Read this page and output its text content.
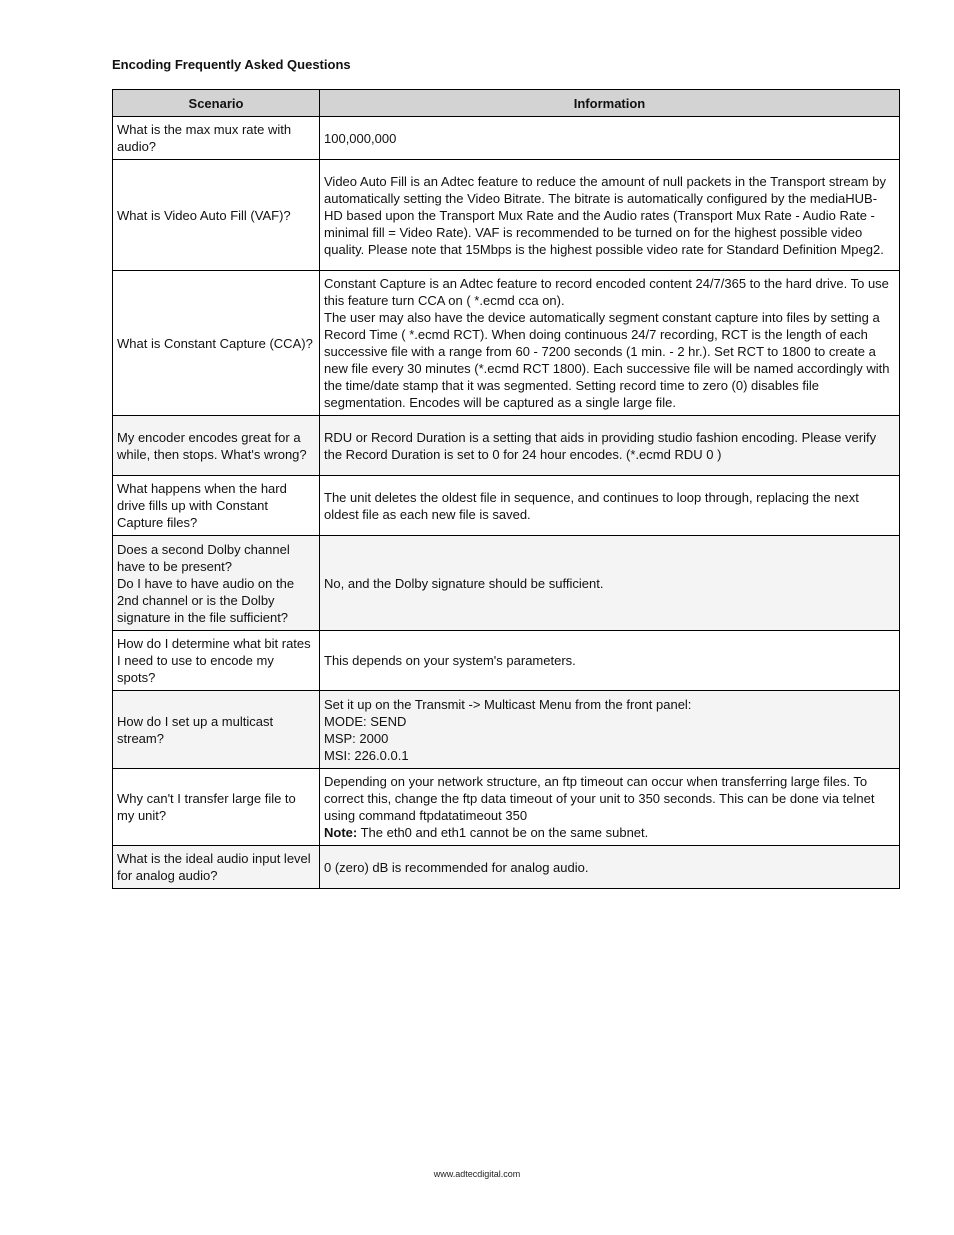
Encoding Frequently Asked Questions
Scenario	Information

What is the max mux rate with audio?	100,000,000

What is Video Auto Fill (VAF)?	Video Auto Fill is an Adtec feature to reduce the amount of null packets in the Transport stream by automatically setting the Video Bitrate. The bitrate is automatically configured by the mediaHUB-HD based upon the Transport Mux Rate and the Audio rates (Transport Mux Rate - Audio Rate - minimal fill = Video Rate). VAF is recommended to be turned on for the highest possible video quality. Please note that 15Mbps is the highest possible video rate for Standard Definition Mpeg2.

What is Constant Capture (CCA)?	Constant Capture is an Adtec feature to record encoded content 24/7/365 to the hard drive. To use this feature turn CCA on ( *.ecmd cca on).
The user may also have the device automatically segment constant capture into files by setting a Record Time ( *.ecmd RCT). When doing continuous 24/7 recording, RCT is the length of each successive file with a range from 60 - 7200 seconds (1 min. - 2 hr.). Set RCT to 1800 to create a new file every 30 minutes (*.ecmd RCT 1800). Each successive file will be named accordingly with the time/date stamp that it was segmented. Setting record time to zero (0) disables file segmentation. Encodes will be captured as a single large file.

My encoder encodes great for a while, then stops. What's wrong?	RDU or Record Duration is a setting that aids in providing studio fashion encoding. Please verify the Record Duration is set to 0 for 24 hour encodes. (*.ecmd RDU 0 )

What happens when the hard drive fills up with Constant Capture files?	The unit deletes the oldest file in sequence, and continues to loop through, replacing the next oldest file as each new file is saved.

Does a second Dolby channel have to be present?
Do I have to have audio on the 2nd channel or is the Dolby signature in the file sufficient?	No, and the Dolby signature should be sufficient.

How do I determine what bit rates I need to use to encode my spots?	This depends on your system's parameters.

How do I set up a multicast stream?	Set it up on the Transmit -> Multicast Menu from the front panel:
MODE: SEND
MSP: 2000
MSI: 226.0.0.1

Why can't I transfer large file to my unit?	Depending on your network structure, an ftp timeout can occur when transferring large files. To correct this, change the ftp data timeout of your unit to 350 seconds. This can be done via telnet using command ftpdatatimeout 350
Note: The eth0 and eth1 cannot be on the same subnet.

What is the ideal audio input level for analog audio?	0 (zero) dB is recommended for analog audio.
www.adtecdigital.com
